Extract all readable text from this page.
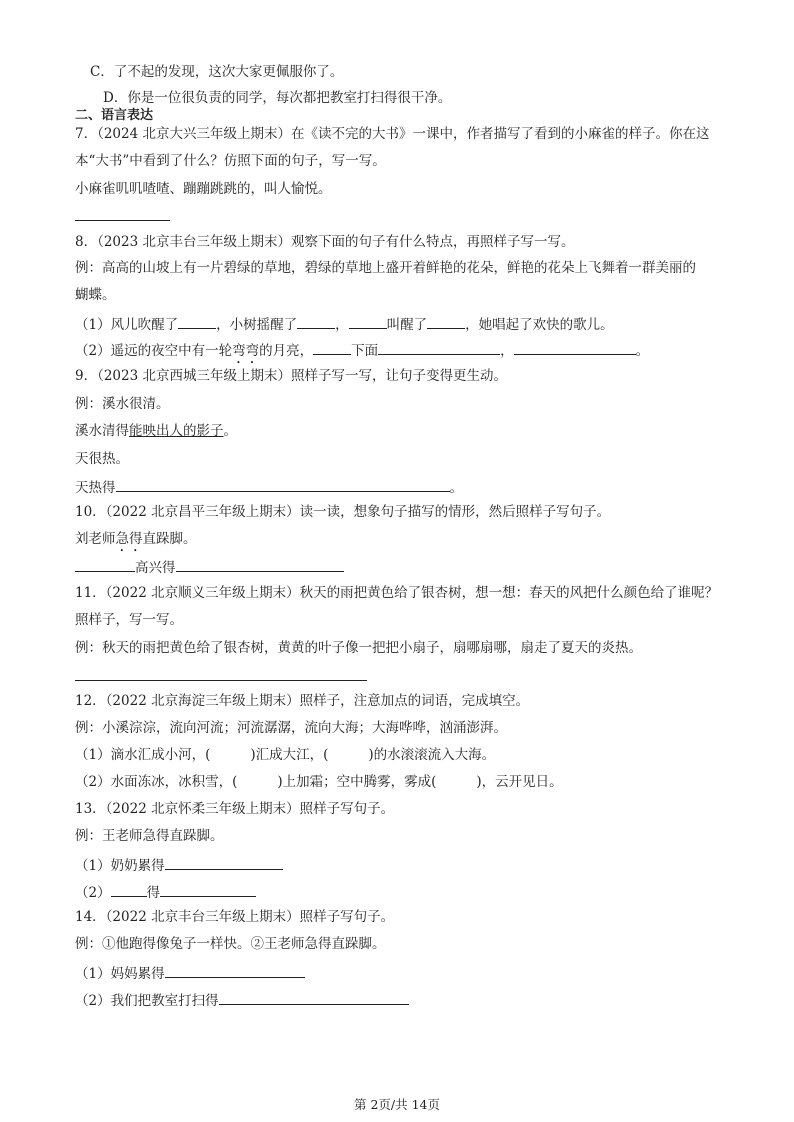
C．了不起的发现，这次大家更佩服你了。
D．你是一位很负责的同学，每次都把教室打扫得很干净。
二、语言表达
7．（2024 北京大兴三年级上期末）在《读不完的大书》一课中，作者描写了看到的小麻雀的样子。你在这
本“大书”中看到了什么？仿照下面的句子，写一写。
小麻雀叽叽喳喳、蹦蹦跳跳的，叫人愉悦。
8．（2023 北京丰台三年级上期末）观察下面的句子有什么特点，再照样子写一写。
例：高高的山坡上有一片碧绿的草地，碧绿的草地上盛开着鲜艳的花朵，鲜艳的花朵上飞舞着一群美丽的
蝴蝶。
（1）风儿吹醒了	，小树摇醒了	，	叫醒了	，她唱起了欢快的歌儿。
（2）遥远的夜空中有一轮弯弯的月亮，	下面	，	。
9．（2023 北京西城三年级上期末）照样子写一写，让句子变得更生动。
例：溪水很清。
溪水清得能映出人的影子。
天很热。
天热得	。
10．（2022 北京昌平三年级上期末）读一读，想象句子描写的情形，然后照样子写句子。
刘老师急得直跺脚。
高兴得
11．（2022 北京顺义三年级上期末）秋天的雨把黄色给了银杏树，想一想：春天的风把什么颜色给了谁呢？
照样子，写一写。
例：秋天的雨把黄色给了银杏树，黄黄的叶子像一把把小扇子，扇哪扇哪，扇走了夏天的炎热。
12．（2022 北京海淀三年级上期末）照样子，注意加点的词语，完成填空。
例：小溪淙淙，流向河流；河流潺潺，流向大海；大海哗哗，汹涌澎湃。
（1）滴水汇成小河，(	)汇成大江，(	)的水滚滚流入大海。
（2）水面冻冰，冰积雪，(	)上加霜；空中腾雾，雾成(	)，云开见日。
13．（2022 北京怀柔三年级上期末）照样子写句子。
例：王老师急得直跺脚。
（1）奶奶累得
（2）	得
14．（2022 北京丰台三年级上期末）照样子写句子。
例：①他跑得像兔子一样快。②王老师急得直跺脚。
（1）妈妈累得
（2）我们把教室打扫得
第 2页/共 14页
